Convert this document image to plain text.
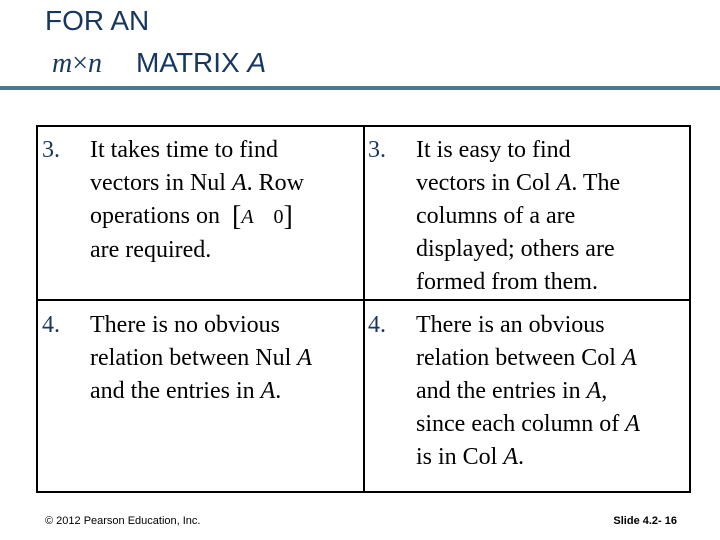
FOR AN
m×n MATRIX A
3. It takes time to find
vectors in Nul A. Row
operations on [A 0]
are required.
4. There is no obvious
relation between Nul A
and the entries in A.
3. It is easy to find
vectors in Col A. The
columns of a are
displayed; others are
formed from them.
4. There is an obvious
relation between Col A
and the entries in A,
since each column of A
is in Col A.
© 2012 Pearson Education, Inc.	Slide 4.2- 16
